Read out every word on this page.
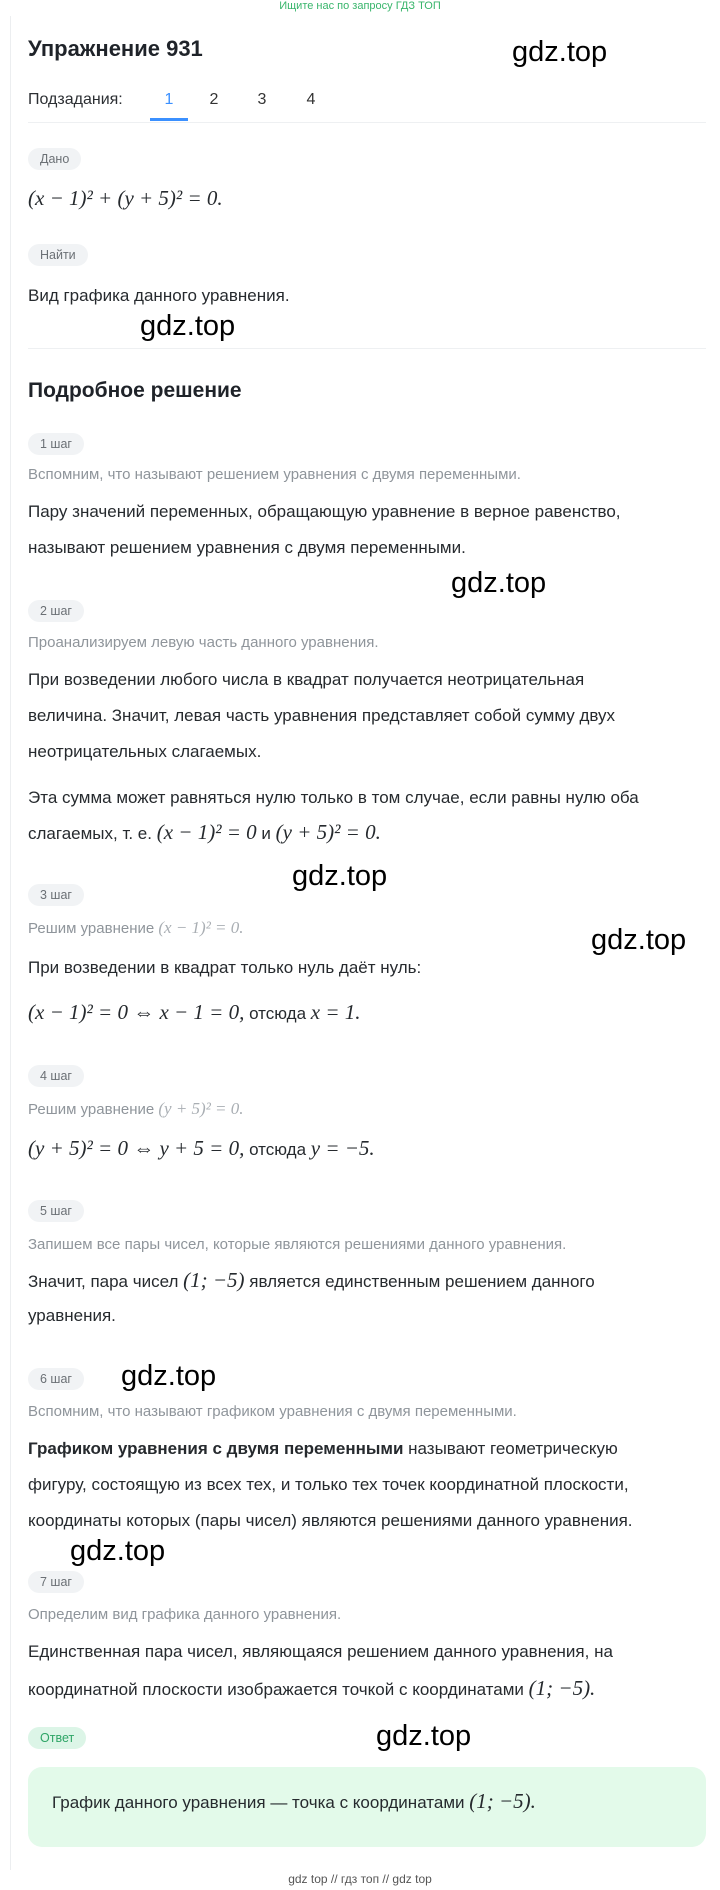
Ищите нас по запросу ГДЗ ТОП
Упражнение 931
Подзадания:	1	2	3	4
Дано
(x − 1)² + (y + 5)² = 0.
Найти
Вид графика данного уравнения.
Подробное решение
1 шаг
Вспомним, что называют решением уравнения с двумя переменными.
Пару значений переменных, обращающую уравнение в верное равенство,
называют решением уравнения с двумя переменными.
2 шаг
Проанализируем левую часть данного уравнения.
При возведении любого числа в квадрат получается неотрицательная
величина. Значит, левая часть уравнения представляет собой сумму двух
неотрицательных слагаемых.
Эта сумма может равняться нулю только в том случае, если равны нулю оба
слагаемых, т. е. (x − 1)² = 0 и (y + 5)² = 0.
3 шаг
Решим уравнение (x − 1)² = 0.
При возведении в квадрат только нуль даёт нуль:
(x − 1)² = 0 ⇔ x − 1 = 0, отсюда x = 1.
4 шаг
Решим уравнение (y + 5)² = 0.
(y + 5)² = 0 ⇔ y + 5 = 0, отсюда y = −5.
5 шаг
Запишем все пары чисел, которые являются решениями данного уравнения.
Значит, пара чисел (1; −5) является единственным решением данного
уравнения.
6 шаг
Вспомним, что называют графиком уравнения с двумя переменными.
Графиком уравнения с двумя переменными называют геометрическую
фигуру, состоящую из всех тех, и только тех точек координатной плоскости,
координаты которых (пары чисел) являются решениями данного уравнения.
7 шаг
Определим вид графика данного уравнения.
Единственная пара чисел, являющаяся решением данного уравнения, на
координатной плоскости изображается точкой с координатами (1; −5).
Ответ
График данного уравнения — точка с координатами (1; −5).
gdz.top
gdz.top
gdz.top
gdz.top
gdz.top
gdz.top
gdz.top
gdz.top
gdz top // гдз топ // gdz top
